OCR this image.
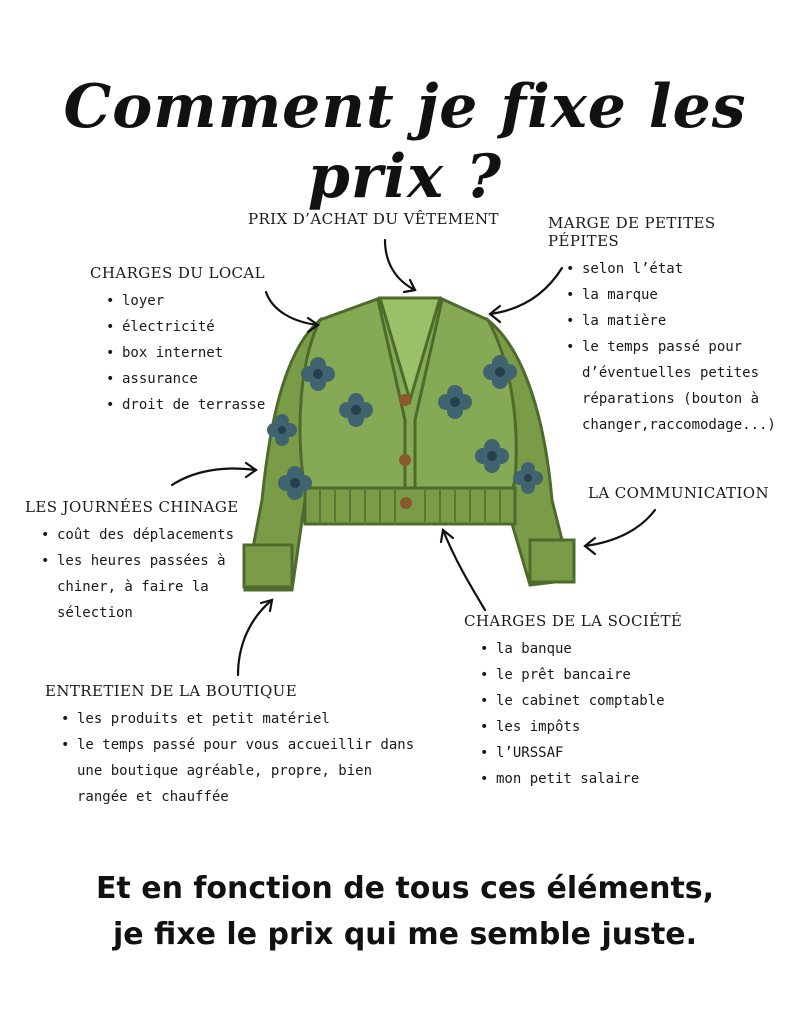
Comment je fixe les prix ?
PRIX D’ACHAT DU VÊTEMENT	MARGE DE PETITES PÉPITES
• selon l’état
• la marque
• la matière
• le temps passé pour d’éventuelles petites réparations (bouton à changer,raccomodage...)
CHARGES DU LOCAL
• loyer
• électricité
• box internet
• assurance
• droit de terrasse
LES JOURNÉES CHINAGE
• coût des déplacements
• les heures passées à chiner, à faire la sélection
LA COMMUNICATION
CHARGES DE LA SOCIÉTÉ
• la banque
• le prêt bancaire
• le cabinet comptable
• les impôts
• l’URSSAF
• mon petit salaire
ENTRETIEN DE LA BOUTIQUE
• les produits et petit matériel
• le temps passé pour vous accueillir dans une boutique agréable, propre, bien rangée et chauffée
Et en fonction de tous ces éléments,
je fixe le prix qui me semble juste.
